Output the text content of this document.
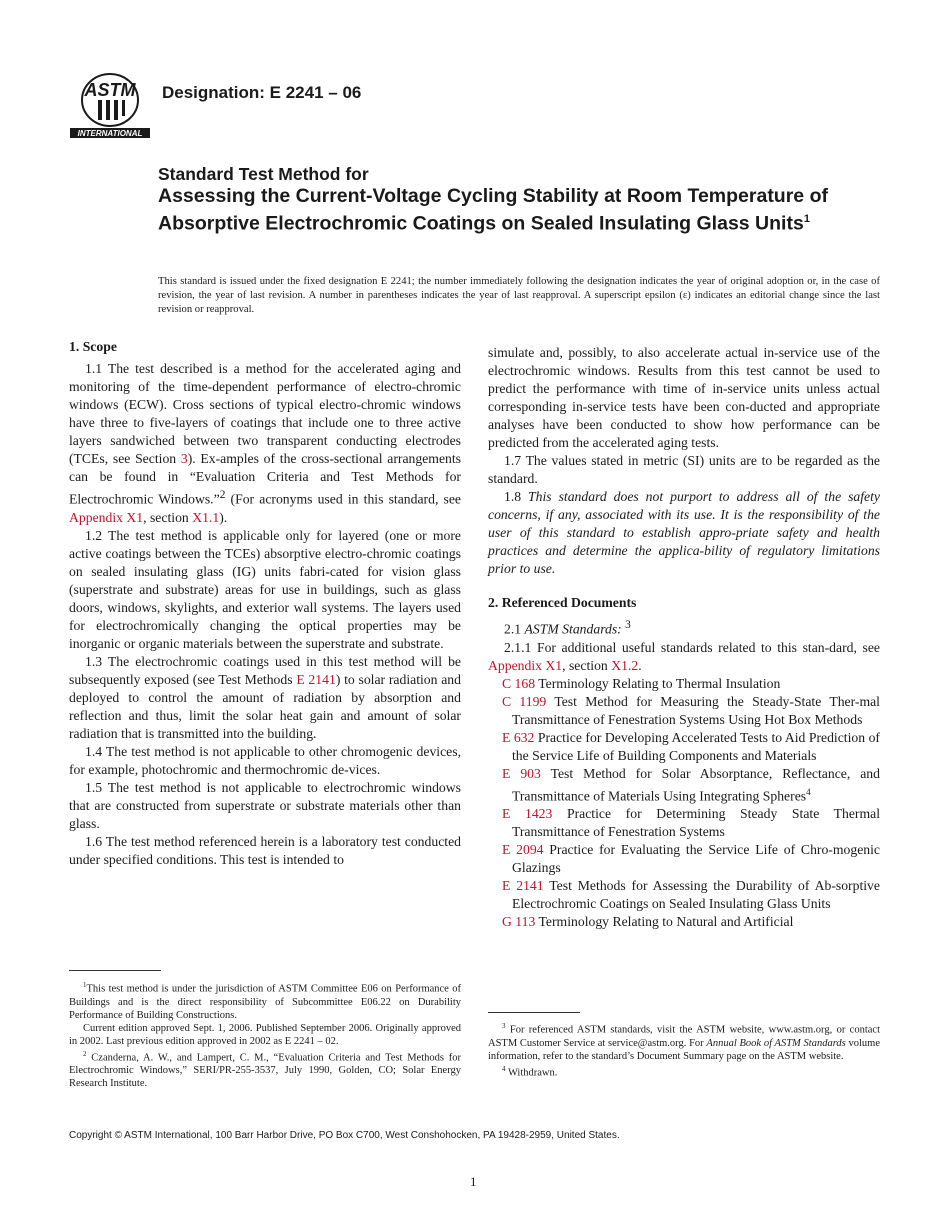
ASTM
INTERNATIONAL
Designation: E 2241 – 06
Standard Test Method for
Assessing the Current-Voltage Cycling Stability at Room Temperature of Absorptive Electrochromic Coatings on Sealed Insulating Glass Units$^1$
This standard is issued under the fixed designation E 2241; the number immediately following the designation indicates the year of original adoption or, in the case of revision, the year of last revision. A number in parentheses indicates the year of last reapproval. A superscript epsilon (ε) indicates an editorial change since the last revision or reapproval.
1. Scope

1.1 The test described is a method for the accelerated aging and monitoring of the time-dependent performance of electro-chromic windows (ECW). Cross sections of typical electro-chromic windows have three to five-layers of coatings that include one to three active layers sandwiched between two transparent conducting electrodes (TCEs, see Section 3). Ex-amples of the cross-sectional arrangements can be found in “Evaluation Criteria and Test Methods for Electrochromic Windows.”$^2$ (For acronyms used in this standard, see Appendix X1, section X1.1).

1.2 The test method is applicable only for layered (one or more active coatings between the TCEs) absorptive electro-chromic coatings on sealed insulating glass (IG) units fabri-cated for vision glass (superstrate and substrate) areas for use in buildings, such as glass doors, windows, skylights, and exterior wall systems. The layers used for electrochromically changing the optical properties may be inorganic or organic materials between the superstrate and substrate.

1.3 The electrochromic coatings used in this test method will be subsequently exposed (see Test Methods E 2141) to solar radiation and deployed to control the amount of radiation by absorption and reflection and thus, limit the solar heat gain and amount of solar radiation that is transmitted into the building.

1.4 The test method is not applicable to other chromogenic devices, for example, photochromic and thermochromic de-vices.

1.5 The test method is not applicable to electrochromic windows that are constructed from superstrate or substrate materials other than glass.

1.6 The test method referenced herein is a laboratory test conducted under specified conditions. This test is intended to

simulate and, possibly, to also accelerate actual in-service use of the electrochromic windows. Results from this test cannot be used to predict the performance with time of in-service units unless actual corresponding in-service tests have been con-ducted and appropriate analyses have been conducted to show how performance can be predicted from the accelerated aging tests.

1.7 The values stated in metric (SI) units are to be regarded as the standard.

1.8 This standard does not purport to address all of the safety concerns, if any, associated with its use. It is the responsibility of the user of this standard to establish appro-priate safety and health practices and determine the applica-bility of regulatory limitations prior to use.

2. Referenced Documents

2.1 ASTM Standards: $^3$

2.1.1 For additional useful standards related to this stan-dard, see Appendix X1, section X1.2.

C 168 Terminology Relating to Thermal Insulation
C 1199 Test Method for Measuring the Steady-State Ther-mal Transmittance of Fenestration Systems Using Hot Box Methods
E 632 Practice for Developing Accelerated Tests to Aid Prediction of the Service Life of Building Components and Materials
E 903 Test Method for Solar Absorptance, Reflectance, and Transmittance of Materials Using Integrating Spheres$^4$
E 1423 Practice for Determining Steady State Thermal Transmittance of Fenestration Systems
E 2094 Practice for Evaluating the Service Life of Chro-mogenic Glazings
E 2141 Test Methods for Assessing the Durability of Ab-sorptive Electrochromic Coatings on Sealed Insulating Glass Units
G 113 Terminology Relating to Natural and Artificial

$^1$This test method is under the jurisdiction of ASTM Committee E06 on Performance of Buildings and is the direct responsibility of Subcommittee E06.22 on Durability Performance of Building Constructions.

Current edition approved Sept. 1, 2006. Published September 2006. Originally approved in 2002. Last previous edition approved in 2002 as E 2241 – 02.

$^2$ Czanderna, A. W., and Lampert, C. M., “Evaluation Criteria and Test Methods for Electrochromic Windows,” SERI/PR-255-3537, July 1990, Golden, CO; Solar Energy Research Institute.

$^3$ For referenced ASTM standards, visit the ASTM website, www.astm.org, or contact ASTM Customer Service at service@astm.org. For Annual Book of ASTM Standards volume information, refer to the standard’s Document Summary page on the ASTM website.

$^4$ Withdrawn.

Copyright © ASTM International, 100 Barr Harbor Drive, PO Box C700, West Conshohocken, PA 19428-2959, United States.
1
